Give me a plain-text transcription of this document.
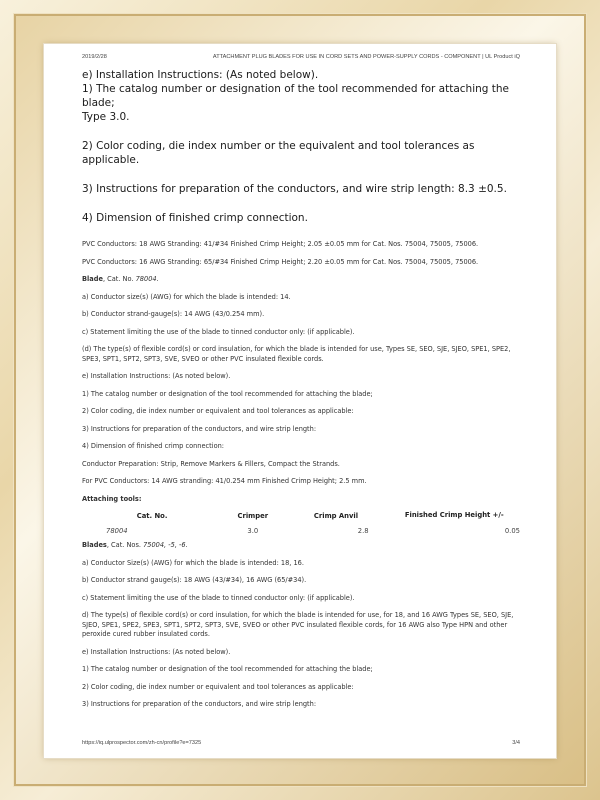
2019/2/28	ATTACHMENT PLUG BLADES FOR USE IN CORD SETS AND POWER-SUPPLY CORDS - COMPONENT | UL Product iQ

e) Installation Instructions: (As noted below).

1) The catalog number or designation of the tool recommended for attaching the blade;

Type 3.0.

2) Color coding, die index number or the equivalent and tool tolerances as applicable.

3) Instructions for preparation of the conductors, and wire strip length: 8.3 ±0.5.

4) Dimension of finished crimp connection.

PVC Conductors: 18 AWG Stranding: 41/#34 Finished Crimp Height; 2.05 ±0.05 mm for Cat. Nos. 75004, 75005, 75006.

PVC Conductors: 16 AWG Stranding: 65/#34 Finished Crimp Height; 2.20 ±0.05 mm for Cat. Nos. 75004, 75005, 75006.

Blade, Cat. No. 78004.

a) Conductor size(s) (AWG) for which the blade is intended: 14.

b) Conductor strand-gauge(s): 14 AWG (43/0.254 mm).

c) Statement limiting the use of the blade to tinned conductor only: (if applicable).

(d) The type(s) of flexible cord(s) or cord insulation, for which the blade is intended for use, Types SE, SEO, SJE, SJEO, SPE1, SPE2, SPE3, SPT1, SPT2, SPT3, SVE, SVEO or other PVC insulated flexible cords.

e) Installation Instructions: (As noted below).

1) The catalog number or designation of the tool recommended for attaching the blade;

2) Color coding, die index number or equivalent and tool tolerances as applicable:

3) Instructions for preparation of the conductors, and wire strip length:

4) Dimension of finished crimp connection:

Conductor Preparation: Strip, Remove Markers & Fillers, Compact the Strands.

For PVC Conductors: 14 AWG stranding: 41/0.254 mm Finished Crimp Height; 2.5 mm.

Attaching tools:

Cat. No.	Crimper	Crimp Anvil	Finished Crimp Height +/-
78004	3.0	2.8	0.05

Blades, Cat. Nos. 75004, -5, -6.

a) Conductor Size(s) (AWG) for which the blade is intended: 18, 16.

b) Conductor strand gauge(s): 18 AWG (43/#34), 16 AWG (65/#34).

c) Statement limiting the use of the blade to tinned conductor only: (if applicable).

d) The type(s) of flexible cord(s) or cord insulation, for which the blade is intended for use, for 18, and 16 AWG Types SE, SEO, SJE, SJEO, SPE1, SPE2, SPE3, SPT1, SPT2, SPT3, SVE, SVEO or other PVC insulated flexible cords, for 16 AWG also Type HPN and other peroxide cured rubber insulated cords.

e) Installation Instructions: (As noted below).

1) The catalog number or designation of the tool recommended for attaching the blade;

2) Color coding, die index number or equivalent and tool tolerances as applicable:

3) Instructions for preparation of the conductors, and wire strip length:

https://iq.ulprospector.com/zh-cn/profile?e=7325	3/4
